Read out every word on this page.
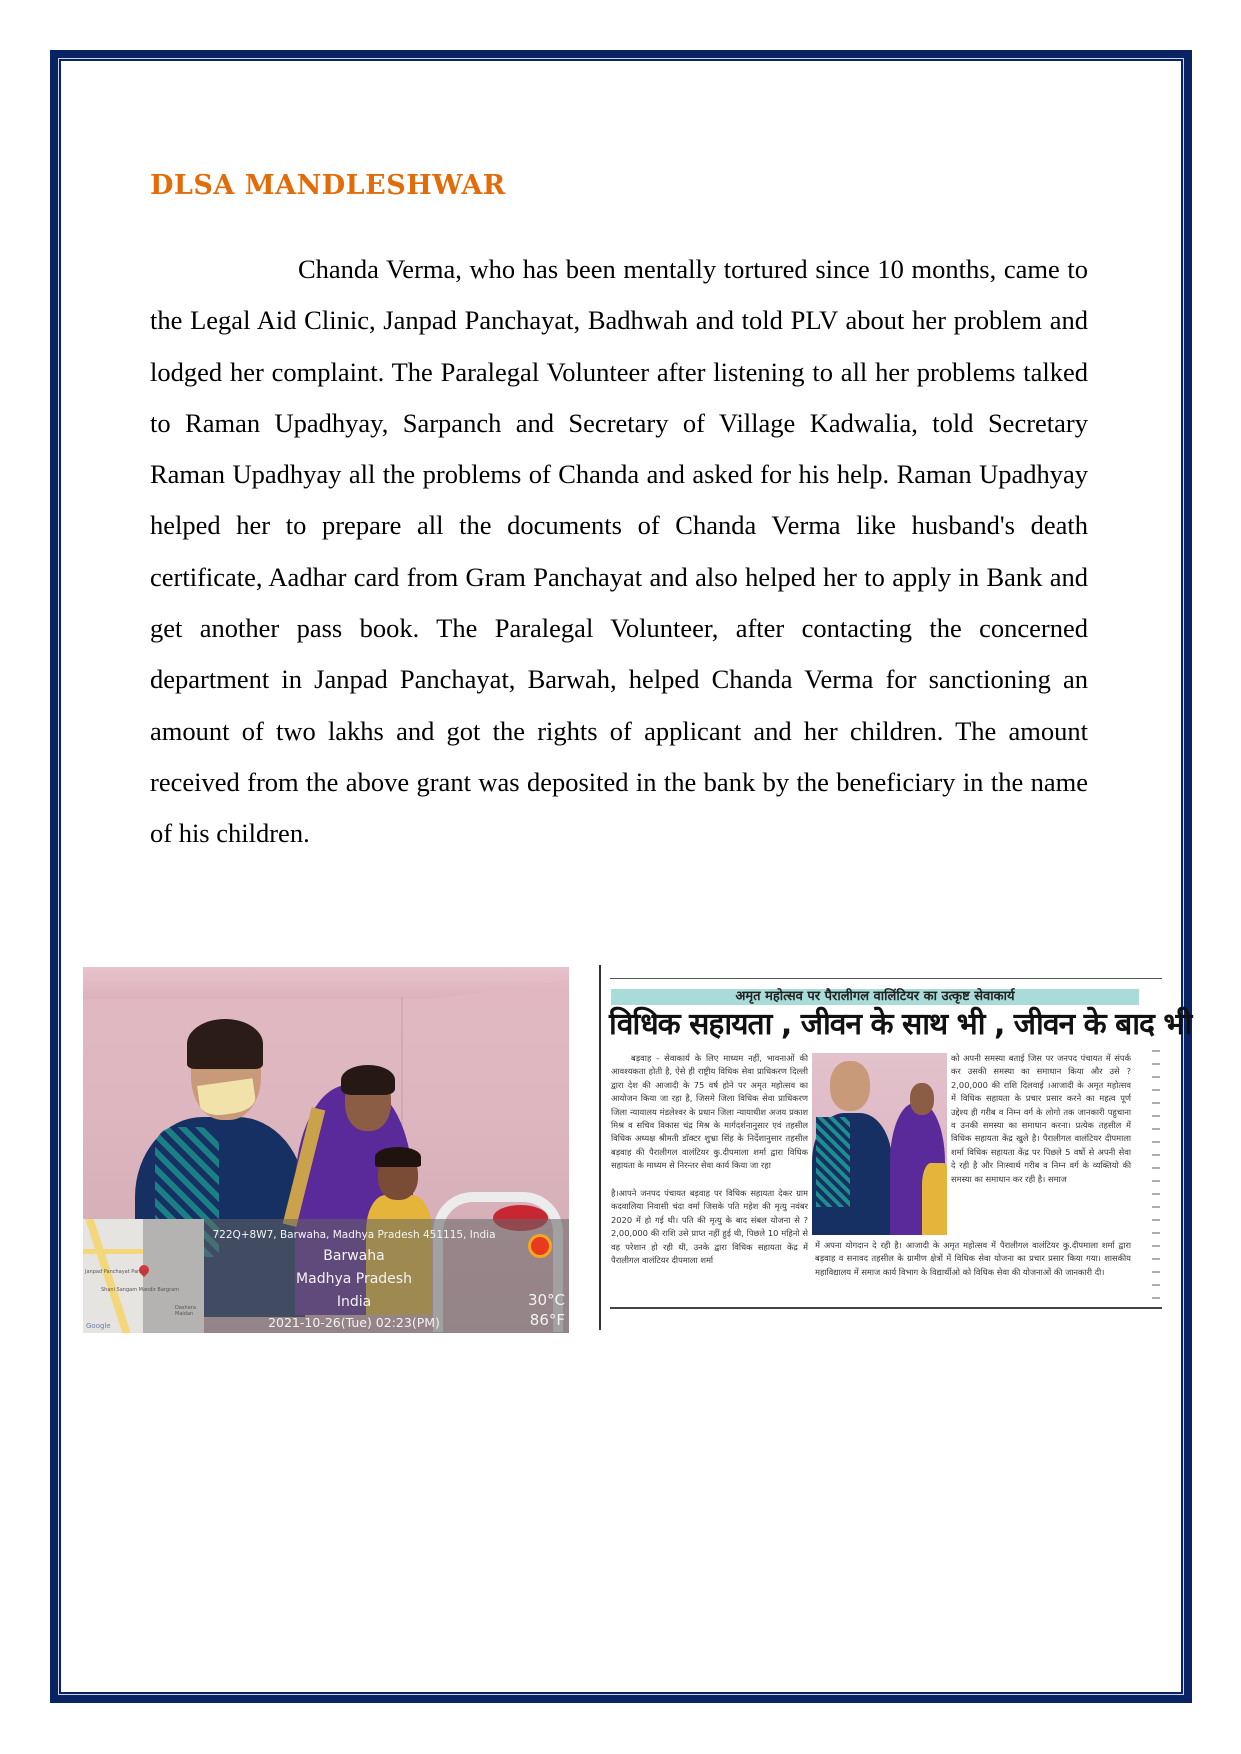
DLSA MANDLESHWAR

Chanda Verma, who has been mentally tortured since 10 months, came to the Legal Aid Clinic, Janpad Panchayat, Badhwah and told PLV about her problem and lodged her complaint. The Paralegal Volunteer after listening to all her problems talked to Raman Upadhyay, Sarpanch and Secretary of Village Kadwalia, told Secretary Raman Upadhyay all the problems of Chanda and asked for his help. Raman Upadhyay helped her to prepare all the documents of Chanda Verma like husband's death certificate, Aadhar card from Gram Panchayat and also helped her to apply in Bank and get another pass book. The Paralegal Volunteer, after contacting the concerned department in Janpad Panchayat, Barwah, helped Chanda Verma for sanctioning an amount of two lakhs and got the rights of applicant and her children. The amount received from the above grant was deposited in the bank by the beneficiary in the name of his children.

Janpad Panchayat Parisar
Shani Sangam Mandir Bargram
Dashera Maidan
Google
722Q+8W7, Barwaha, Madhya Pradesh 451115, India
Barwaha
Madhya Pradesh
India
2021-10-26(Tue) 02:23(PM)
30°C
86°F
अमृत महोत्सव पर पैरालीगल वालिंटियर का उत्कृष्ट सेवाकार्य
विधिक सहायता , जीवन के साथ भी , जीवन के बाद भी
बड़वाह - सेवाकार्य के लिए माध्यम नहीं, भावनाओं की आवश्यकता होती है, ऐसे ही राष्ट्रीय विधिक सेवा प्राधिकरण दिल्ली द्वारा देश की आजादी के 75 वर्ष होने पर अमृत महोत्सव का आयोजन किया जा रहा है, जिसमे जिला विधिक सेवा प्राधिकरण जिला न्यायालय मंडलेश्वर के प्रधान जिला न्यायाधीश अजय प्रकाश मिश्र व सचिव विकास चंद्र मिश्र के मार्गदर्शनानुसार एवं तहसील विधिक अध्यक्ष श्रीमती डॉक्टर शुभ्रा सिंह के निर्देशानुसार तहसील बड़वाह की पैरालीगल वालंटियर कु.दीपमाला शर्मा द्वारा विधिक सहायता के माध्यम से निरन्तर सेवा कार्य किया जा रहा
को अपनी समस्या बताई जिस पर जनपद पंचायत में संपर्क कर उसकी समस्या का समाधान किया और उसे ?2,00,000 की राशि दिलवाई ।आजादी के अमृत महोत्सव में विधिक सहायता के प्रचार प्रसार करने का महत्व पूर्ण उद्देश्य ही गरीब व निम्न वर्ग के लोगो तक जानकारी पहुचाना व उनकी समस्या का समाधान करना। प्रत्येक तहसील में विधिक सहायता केंद्र खुले है। पैरालीगल वालंटियर दीपमाला शर्मा विधिक सहायता केंद्र पर पिछले 5 वर्षो से अपनी सेवा दे रही है और निःस्वार्थ गरीब व निम्न वर्ग के व्यक्तियो की समस्या का समाधान कर रही है। समाज
है।आपने जनपद पंचायत बड़वाह पर विधिक सहायता देकर ग्राम कदवालिया निवासी चंदा वर्मा जिसके पति महेश की मृत्यु नवंबर 2020 में हो गई थी। पति की मृत्यु के बाद संबल योजना से ?2,00,000 की राशि उसे प्राप्त नहीं हुई थी, पिछले 10 महिनो से वह परेशान हो रही थी, उनके द्वारा विधिक सहायता केंद्र में पैरालीगल वालंटियर दीपमाला शर्मा
में अपना योगदान दे रही है। आजादी के अमृत महोत्सव में पैरालीगल वालंटियर कु.दीपमाला शर्मा द्वारा बड़वाह व सनावद तहसील के ग्रामीण क्षेत्रों में विधिक सेवा योजना का प्रचार प्रसार किया गया। शासकीय महाविद्यालय में समाज कार्य विभाग के विद्यार्थीओ को विधिक सेवा की योजनाओं की जानकारी दी।
